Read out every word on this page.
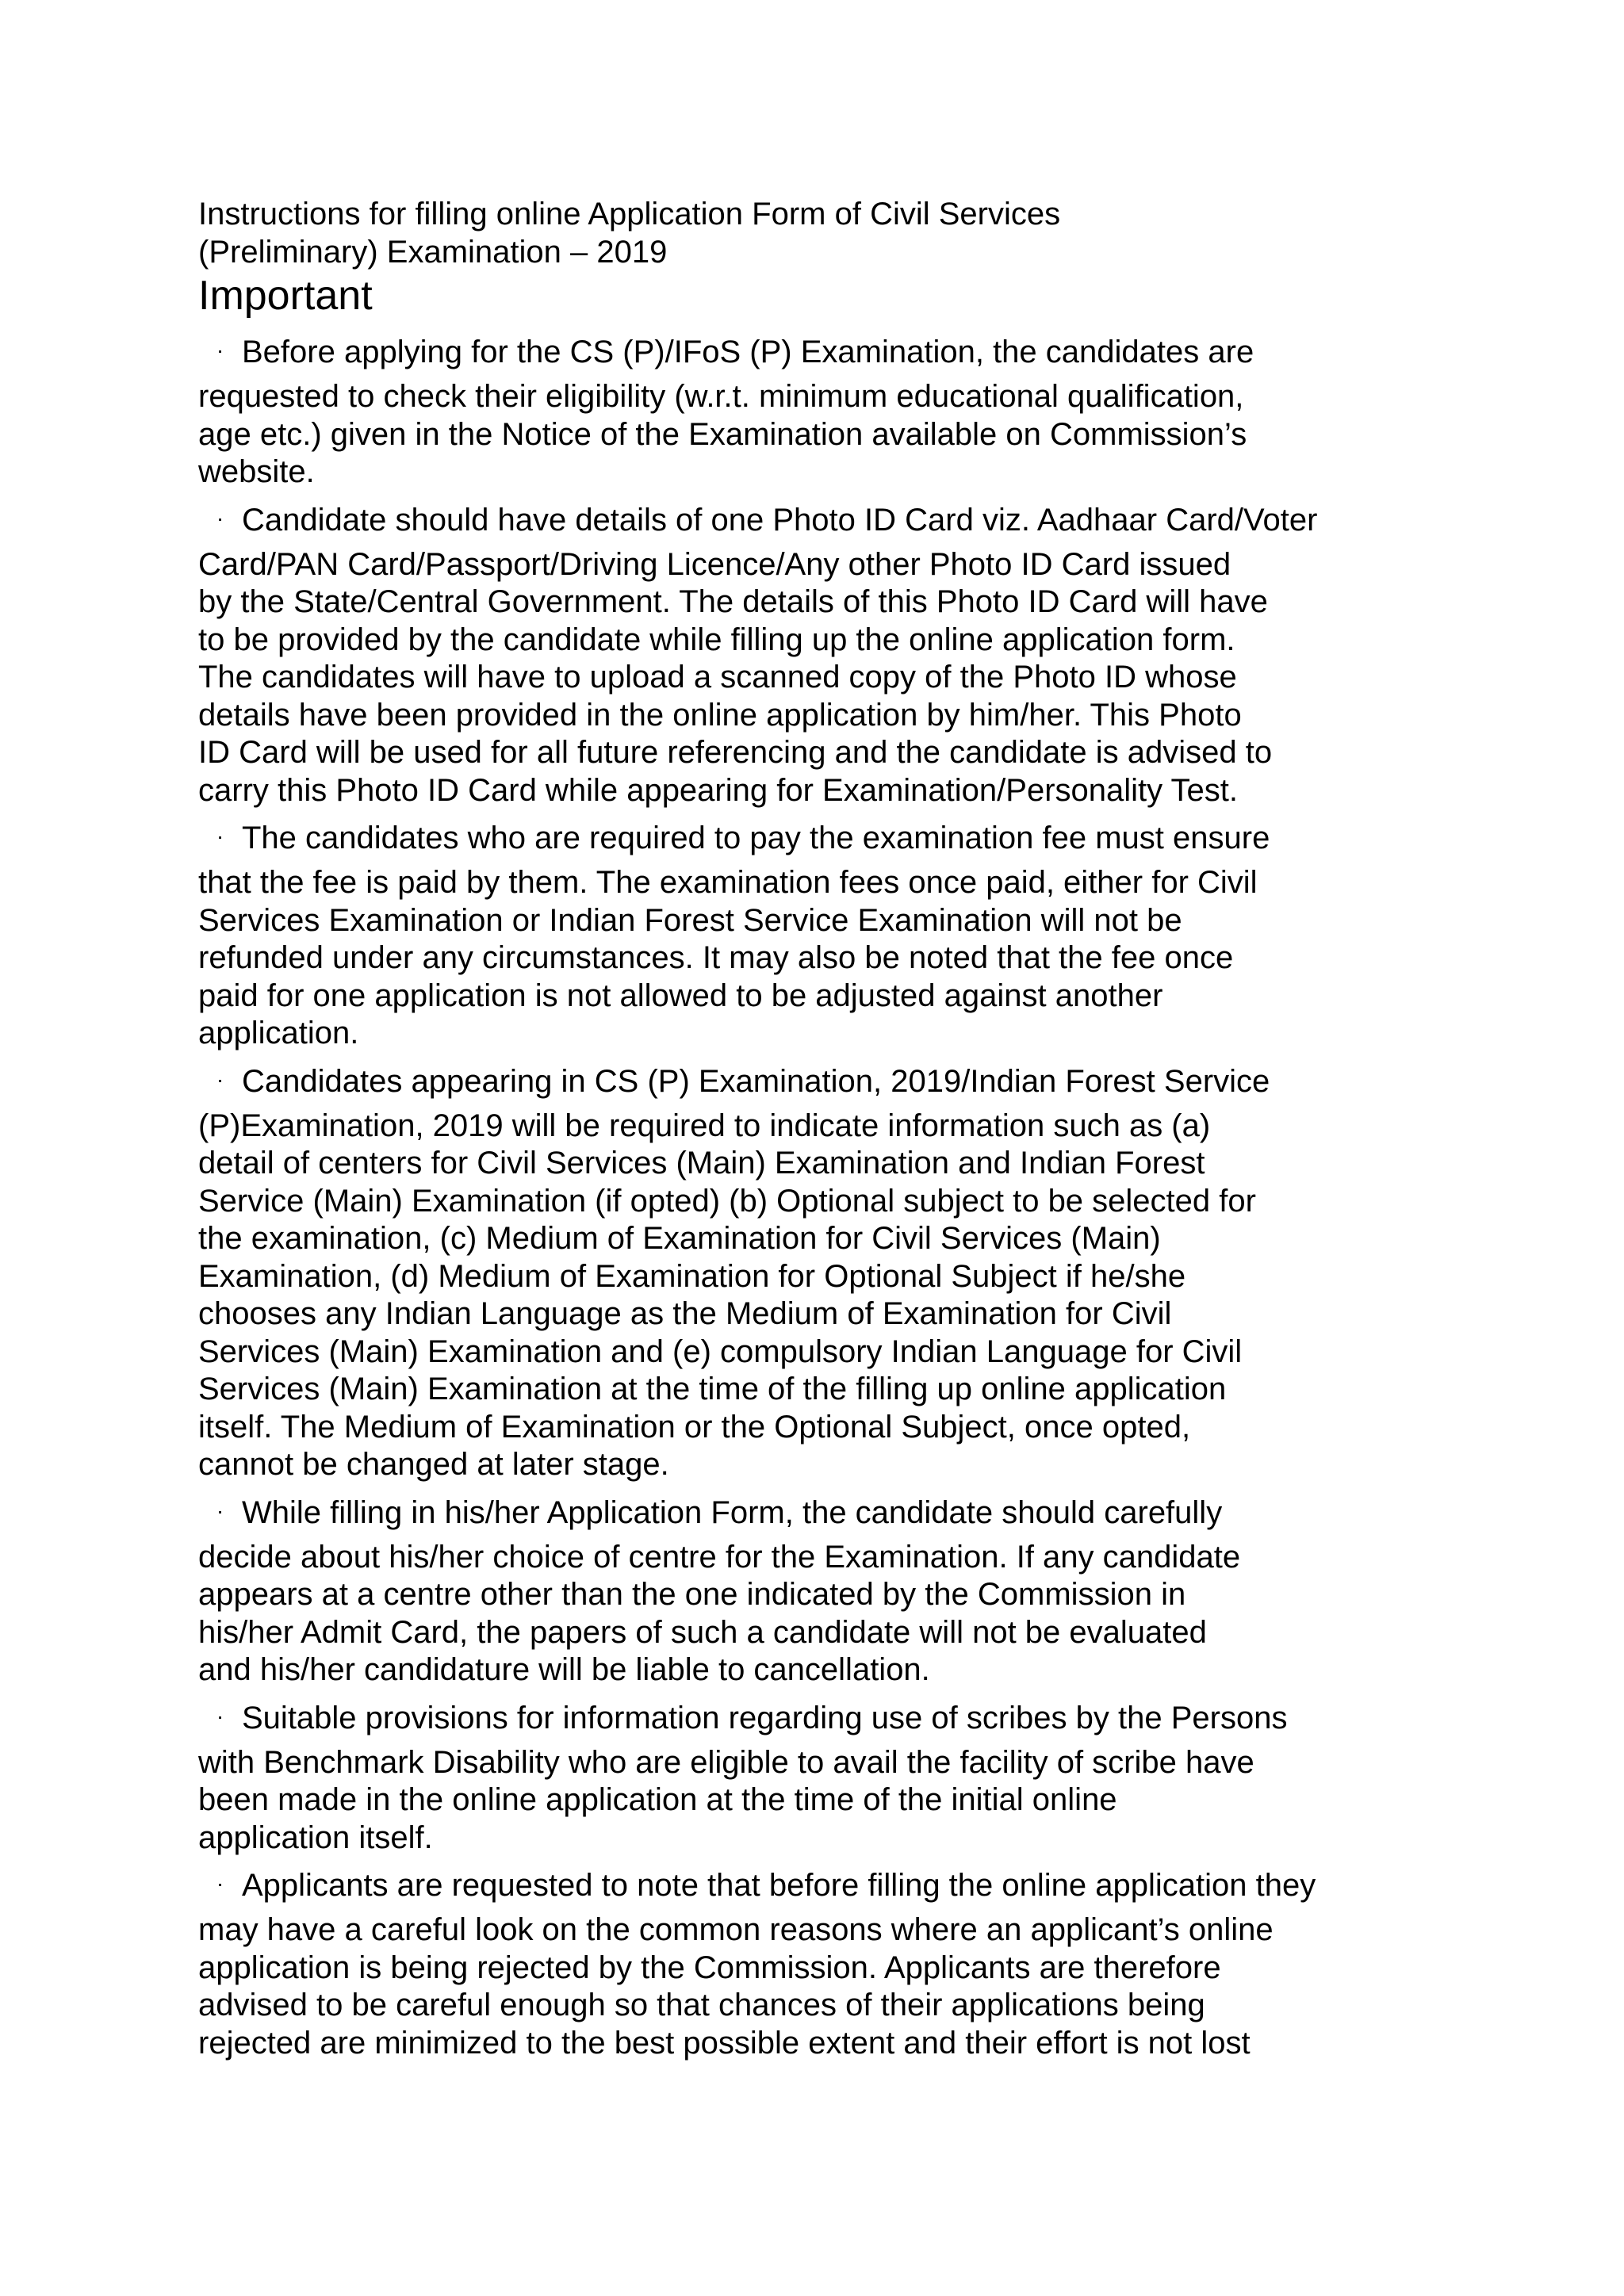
Instructions for filling online Application Form of Civil Services
(Preliminary) Examination – 2019
Important
· Before applying for the CS (P)/IFoS (P) Examination, the candidates are
requested to check their eligibility (w.r.t. minimum educational qualification,
age etc.) given in the Notice of the Examination available on Commission’s
website.
· Candidate should have details of one Photo ID Card viz. Aadhaar Card/Voter
Card/PAN Card/Passport/Driving Licence/Any other Photo ID Card issued
by the State/Central Government. The details of this Photo ID Card will have
to be provided by the candidate while filling up the online application form.
The candidates will have to upload a scanned copy of the Photo ID whose
details have been provided in the online application by him/her. This Photo
ID Card will be used for all future referencing and the candidate is advised to
carry this Photo ID Card while appearing for Examination/Personality Test.
· The candidates who are required to pay the examination fee must ensure
that the fee is paid by them. The examination fees once paid, either for Civil
Services Examination or Indian Forest Service Examination will not be
refunded under any circumstances. It may also be noted that the fee once
paid for one application is not allowed to be adjusted against another
application.
· Candidates appearing in CS (P) Examination, 2019/Indian Forest Service
(P)Examination, 2019 will be required to indicate information such as (a)
detail of centers for Civil Services (Main) Examination and Indian Forest
Service (Main) Examination (if opted) (b) Optional subject to be selected for
the examination, (c) Medium of Examination for Civil Services (Main)
Examination, (d) Medium of Examination for Optional Subject if he/she
chooses any Indian Language as the Medium of Examination for Civil
Services (Main) Examination and (e) compulsory Indian Language for Civil
Services (Main) Examination at the time of the filling up online application
itself. The Medium of Examination or the Optional Subject, once opted,
cannot be changed at later stage.
· While filling in his/her Application Form, the candidate should carefully
decide about his/her choice of centre for the Examination. If any candidate
appears at a centre other than the one indicated by the Commission in
his/her Admit Card, the papers of such a candidate will not be evaluated
and his/her candidature will be liable to cancellation.
· Suitable provisions for information regarding use of scribes by the Persons
with Benchmark Disability who are eligible to avail the facility of scribe have
been made in the online application at the time of the initial online
application itself.
· Applicants are requested to note that before filling the online application they
may have a careful look on the common reasons where an applicant’s online
application is being rejected by the Commission. Applicants are therefore
advised to be careful enough so that chances of their applications being
rejected are minimized to the best possible extent and their effort is not lost
